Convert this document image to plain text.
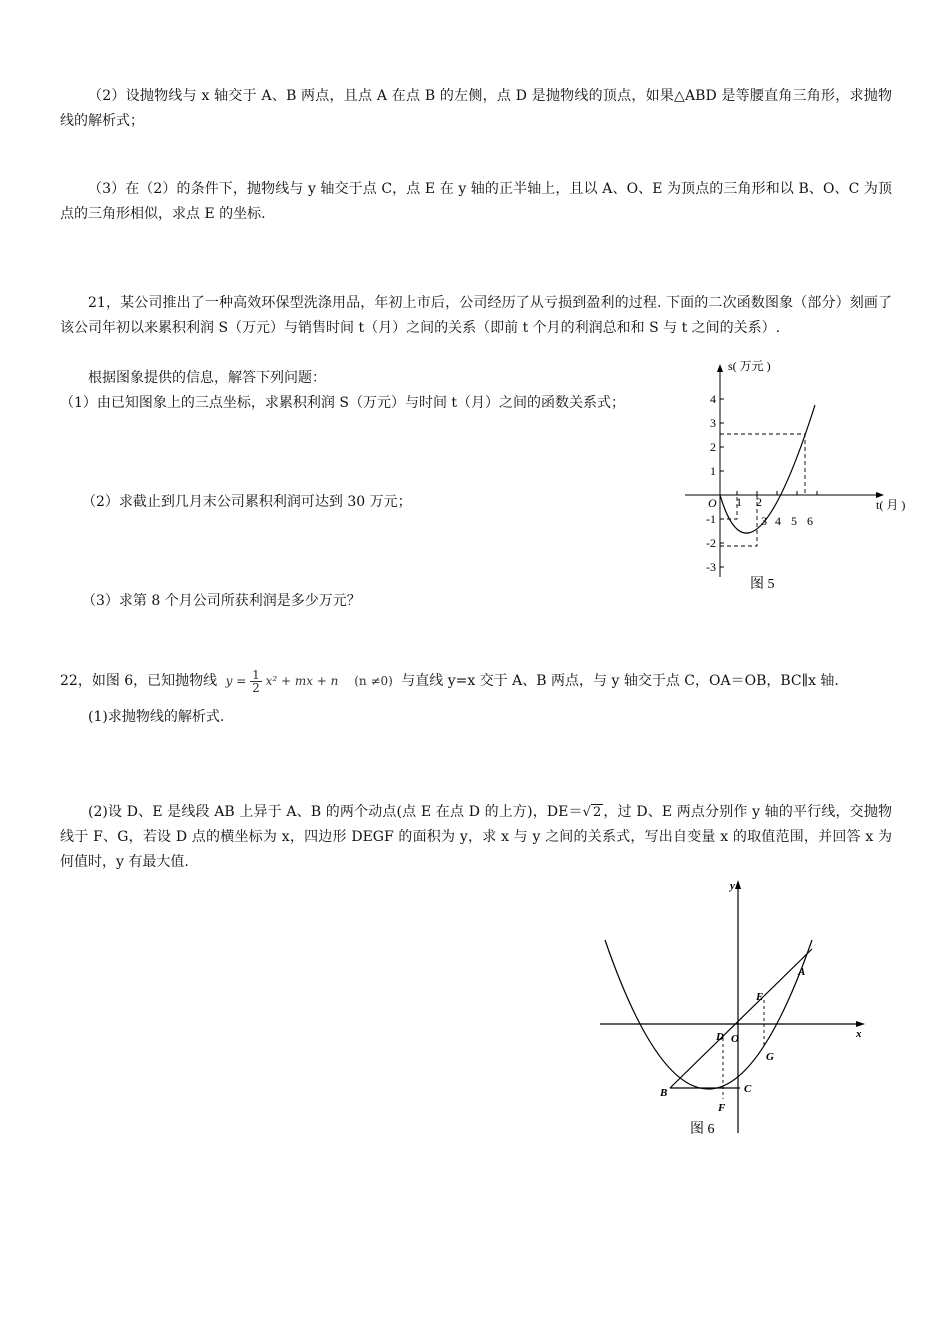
（2）设抛物线与 x 轴交于 A、B 两点，且点 A 在点 B 的左侧，点 D 是抛物线的顶点，如果△ABD 是等腰直角三角形，求抛物线的解析式；
（3）在（2）的条件下，抛物线与 y 轴交于点 C，点 E 在 y 轴的正半轴上，且以 A、O、E 为顶点的三角形和以 B、O、C 为顶点的三角形相似，求点 E 的坐标.
21，某公司推出了一种高效环保型洗涤用品，年初上市后，公司经历了从亏损到盈利的过程. 下面的二次函数图象（部分）刻画了该公司年初以来累积利润 S（万元）与销售时间 t（月）之间的关系（即前 t 个月的利润总和和 S 与 t 之间的关系）.
根据图象提供的信息，解答下列问题：
（1）由已知图象上的三点坐标，求累积利润 S（万元）与时间 t（月）之间的函数关系式；
（2）求截止到几月末公司累积利润可达到 30 万元；
（3）求第 8 个月公司所获利润是多少万元？
s( 万元 )
t( 月 )
O
4
3
2
1
-1
-2
-3
1 2
3 4 5 6
图 5
22，如图 6，已知抛物线 $y = \frac{1}{2} x^2$ + mx + n (n ≠0) 与直线 y=x 交于 A、B 两点，与 y 轴交于点 C，OA＝OB，BC∥x 轴.
(1)求抛物线的解析式.
(2)设 D、E 是线段 AB 上异于 A、B 的两个动点(点 E 在点 D 的上方)，DE＝√ 2 ，过 D、E 两点分别作 y 轴的平行线，交抛物线于 F、G，若设 D 点的横坐标为 x，四边形 DEGF 的面积为 y，求 x 与 y 之间的关系式，写出自变量 x 的取值范围，并回答 x 为何值时，y 有最大值.
y
x
A
E
D O
G
B
F
C
图 6
